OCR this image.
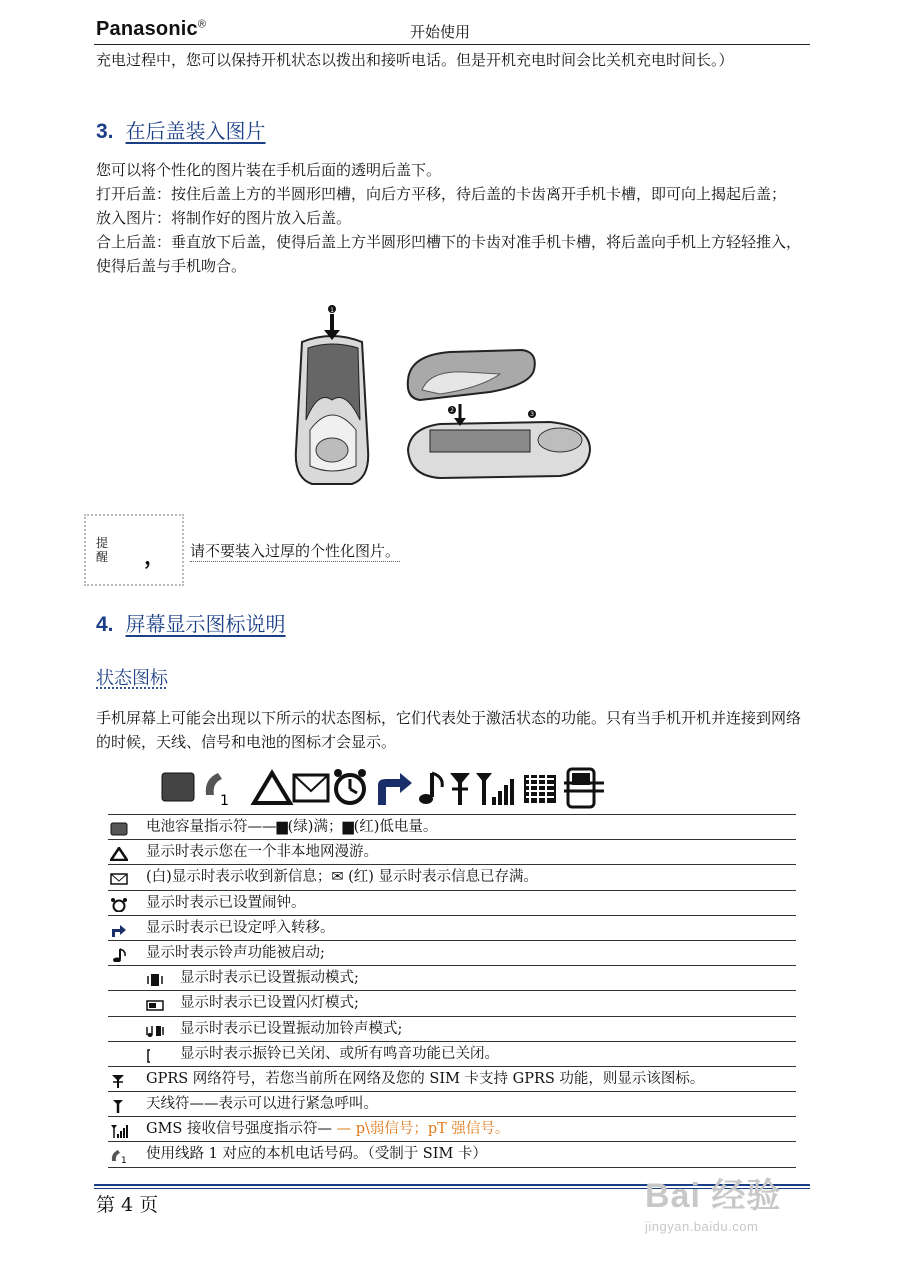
Panasonic®	开始使用
充电过程中，您可以保持开机状态以拨出和接听电话。但是开机充电时间会比关机充电时间长。）
3. 在后盖装入图片
您可以将个性化的图片装在手机后面的透明后盖下。
打开后盖：按住后盖上方的半圆形凹槽，向后方平移，待后盖的卡齿离开手机卡槽，即可向上揭起后盖；
放入图片：将制作好的图片放入后盖。
合上后盖：垂直放下后盖，使得后盖上方半圆形凹槽下的卡齿对准手机卡槽，将后盖向手机上方轻轻推入，使得后盖与手机吻合。
1
2
3
提醒 ， 请不要装入过厚的个性化图片。
4. 屏幕显示图标说明
状态图标
手机屏幕上可能会出现以下所示的状态图标，它们代表处于激活状态的功能。只有当手机开机并连接到网络的时候，天线、信号和电池的图标才会显示。
1
电池容量指示符——▆(绿)满；▆(红)低电量。
显示时表示您在一个非本地网漫游。
(白)显示时表示收到新信息；✉ (红) 显示时表示信息已存满。
显示时表示已设置闹钟。
显示时表示已设定呼入转移。
显示时表示铃声功能被启动;
显示时表示已设置振动模式;
显示时表示已设置闪灯模式;
显示时表示已设置振动加铃声模式;
显示时表示振铃已关闭、或所有鸣音功能已关闭。
GPRS 网络符号，若您当前所在网络及您的 SIM 卡支持 GPRS 功能，则显示该图标。
天线符——表示可以进行紧急呼叫。
GMS 接收信号强度指示符— — p\弱信号；pT 强信号。
1 使用线路 1 对应的本机电话号码。（受制于 SIM 卡）
第 4 页	Bai 经验
jingyan.baidu.com
